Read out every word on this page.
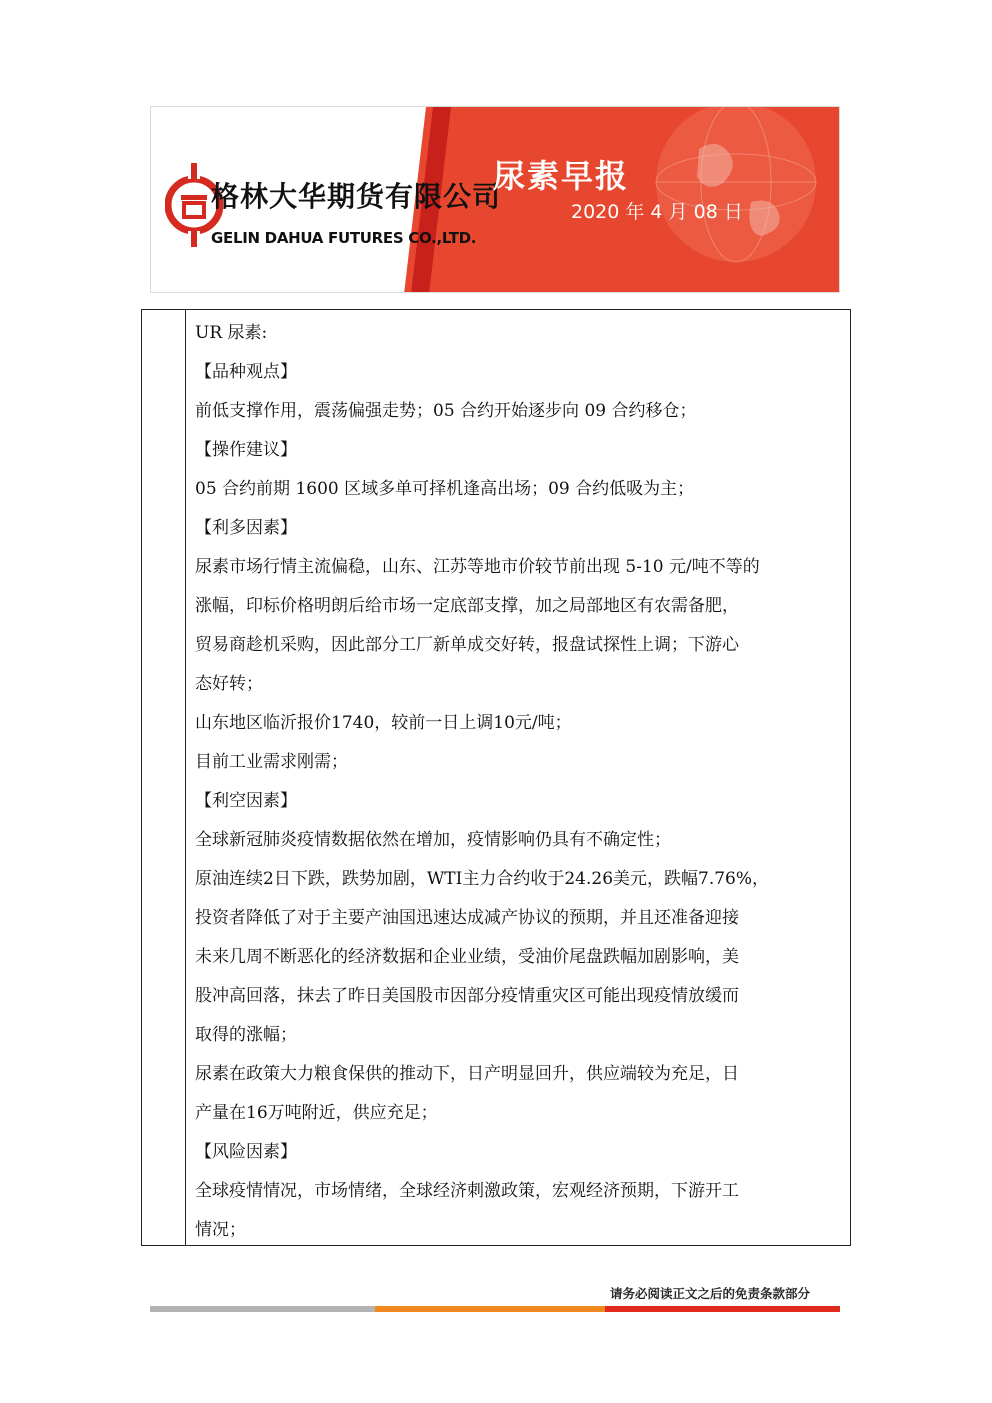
格林大华期货有限公司
GELIN DAHUA FUTURES CO.,LTD.
尿素早报
2020 年 4 月 08 日
UR 尿素:
【品种观点】
前低支撑作用，震荡偏强走势；05 合约开始逐步向 09 合约移仓；
【操作建议】
05 合约前期 1600 区域多单可择机逢高出场；09 合约低吸为主；
【利多因素】
尿素市场行情主流偏稳，山东、江苏等地市价较节前出现 5-10 元/吨不等的
涨幅，印标价格明朗后给市场一定底部支撑，加之局部地区有农需备肥，
贸易商趁机采购，因此部分工厂新单成交好转，报盘试探性上调；下游心
态好转；
山东地区临沂报价1740，较前一日上调10元/吨；
目前工业需求刚需；
【利空因素】
全球新冠肺炎疫情数据依然在增加，疫情影响仍具有不确定性；
原油连续2日下跌，跌势加剧，WTI主力合约收于24.26美元，跌幅7.76%，
投资者降低了对于主要产油国迅速达成减产协议的预期，并且还准备迎接
未来几周不断恶化的经济数据和企业业绩，受油价尾盘跌幅加剧影响，美
股冲高回落，抹去了昨日美国股市因部分疫情重灾区可能出现疫情放缓而
取得的涨幅；
尿素在政策大力粮食保供的推动下，日产明显回升，供应端较为充足，日
产量在16万吨附近，供应充足；
【风险因素】
全球疫情情况，市场情绪，全球经济刺激政策，宏观经济预期，下游开工
情况；
请务必阅读正文之后的免责条款部分
